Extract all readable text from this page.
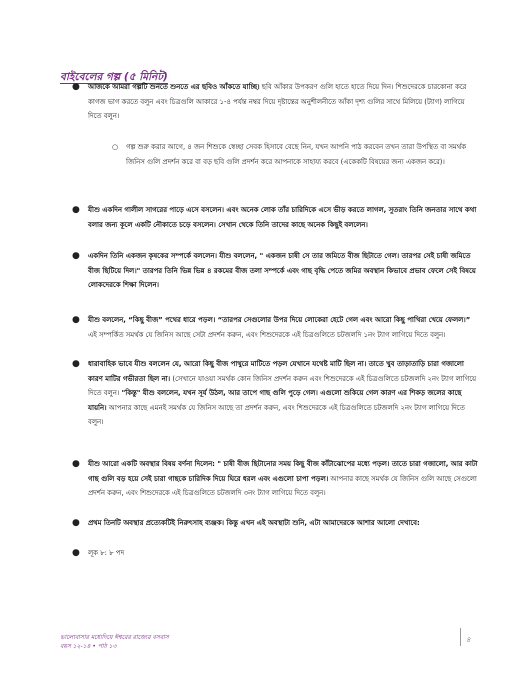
বাইবেলের গল্প (৫ মিনিট)
● আজকে আমরা গল্পটি শুনতে শুনতে এর ছবিও আঁকতে যাচ্ছি। ছবি আঁকার উপকরণ গুলি হাতে হাতে দিয়ে দিন। শিশুদেরকে চারকোনা করে কাগজ ভাগ করতে বলুন এবং চিত্রগুলি আকারে ১-৪ পর্যন্ত নম্বর দিয়ে দৃষ্টান্তের অনুশীলনীতে আঁকা দৃশ্য গুলির সাথে মিলিয়ে (ট্যাগ) লাগিয়ে দিতে বলুন।
○ গল্প শুরু করার আগে, ৪ জন শিশুকে স্বেচ্ছা সেবক হিসাবে বেছে নিন, যখন আপনি পাঠ করবেন তখন তারা উপস্থিত বা সমর্থক জিনিস গুলি প্রদর্শন করে বা বড় ছবি গুলি প্রদর্শন করে আপনাকে সাহায্য করবে (একেকটি বিষয়ের জন্য একজন করে)।
● যীশু একদিন গালীল সাগরের পাড়ে এসে বসলেন। এবং অনেক লোক তাঁর চারিদিকে এসে ভীড় করতে লাগল, সুতরাং তিনি জনতার সাথে কথা বলার জন্য কূলে একটি নৌকাতে চড়ে বসলেন। সেখান থেকে তিনি তাদের কাছে অনেক কিছুই বললেন।
● একদিন তিনি একজন কৃষকের সম্পর্কে বললেন। যীশু বললেন, " একজন চাষী সে তার জমিতে বীজ ছিটাতে গেল। তারপর সেই চাষী জমিতে বীজ ছিটিয়ে দিল।" তারপর তিনি ভিন্ন ভিন্ন ৪ রকমের বীজ তলা সম্পর্কে এবং গাছ বৃদ্ধি পেতে জমির অবস্থান কিভাবে প্রভাব ফেলে সেই বিষয়ে লোকদেরকে শিক্ষা দিলেন।
● যীশু বললেন, “কিছু বীজ” পথের ধারে পড়ল। “তারপর সেগুলোর উপর দিয়ে লোকেরা হেটে গেল এবং আরো কিছু পাখিরা খেয়ে ফেলল।” এই সম্পর্কিত সমর্থক যে জিনিস আছে সেটা প্রদর্শন করুন, এবং শিশুদেরকে এই চিত্রগুলিতে চটজলদি ১নং ট্যাগ লাগিয়ে দিতে বলুন।
● ধারাবাহিক ভাবে যীশু বললেন যে, আরো কিছু বীজ পাথুরে মাটিতে পড়ল যেখানে যথেষ্ট মাটি ছিল না। তাতে খুব তাড়াতাড়ি চারা গজালো কারণ মাটির গভীরতা ছিল না। (সেখানে যাওয়া সমর্থক কোন জিনিস প্রদর্শন করুন এবং শিশুদেরকে এই চিত্রগুলিতে চটজলদি ২নং ট্যাগ লাগিয়ে দিতে বলুন। "কিন্তু" যীশু বললেন, যখন সূর্য উঠল, আর তাপে গাছ গুলি পুড়ে গেল। এগুলো শুকিয়ে গেল কারণ এর শিকড় জলের কাছে যায়নি। আপনার কাছে এমনই সমর্থক যে জিনিস আছে তা প্রদর্শন করুন, এবং শিশুদেরকে এই চিত্রগুলিতে চটজলদি ২নং ট্যাগ লাগিয়ে দিতে বলুন।
● যীশু আরো একটি অবস্থার বিষয় বর্ণনা দিলেন: " চাষী বীজ ছিটানোর সময় কিছু বীজ কাঁটাঝোপের মধ্যে পড়ল। তাতে চারা গজালো, আর কাটা গাছ গুলি বড় হয়ে সেই চারা গাছকে চারিদিক দিয়ে ঘিরে ধরল এবং এগুলো চাপা পড়ল। আপনার কাছে সমর্থক যে জিনিস গুলি আছে সেগুলো প্রদর্শন করুন, এবং শিশুদেরকে এই চিত্রগুলিতে চটজলদি ৩নং ট্যাগ লাগিয়ে দিতে বলুন।
● প্রথম তিনটি অবস্থার প্রত্যেকটিই নিরুৎসাহ ব্যঞ্জক। কিন্তু এখন এই অবস্থাটা শুনি, এটা আমাদেরকে আশার আলো দেখাবে:
● লূক ৮: ৮ পদ
ভালোবাসার মধ্যেদিয়ে ঈশ্বরের রাজ্যের বসবাস
বয়স ১২-১৪ • পাঠ ১৩
৪
